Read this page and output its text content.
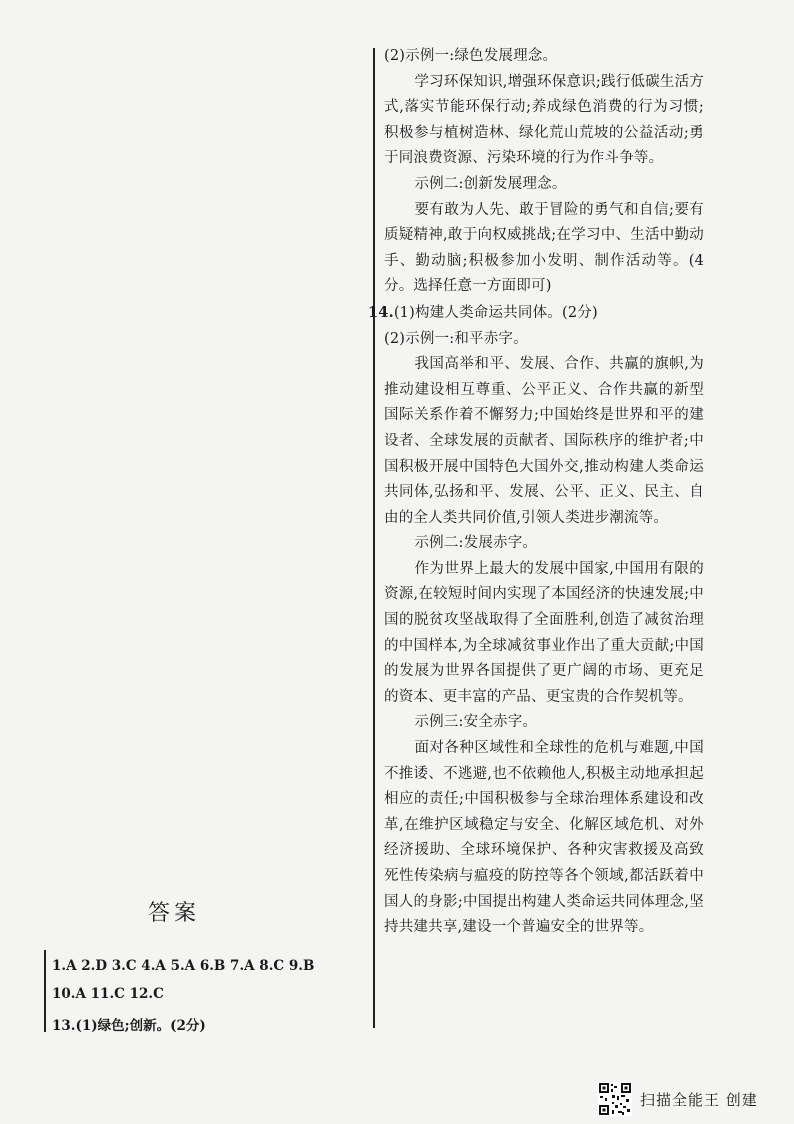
(2)示例一:绿色发展理念。

学习环保知识,增强环保意识;践行低碳生活方式,落实节能环保行动;养成绿色消费的行为习惯;积极参与植树造林、绿化荒山荒坡的公益活动;勇于同浪费资源、污染环境的行为作斗争等。

示例二:创新发展理念。

要有敢为人先、敢于冒险的勇气和自信;要有质疑精神,敢于向权威挑战;在学习中、生活中勤动手、勤动脑;积极参加小发明、制作活动等。(4分。选择任意一方面即可)

14.(1)构建人类命运共同体。(2分)

(2)示例一:和平赤字。

我国高举和平、发展、合作、共赢的旗帜,为推动建设相互尊重、公平正义、合作共赢的新型国际关系作着不懈努力;中国始终是世界和平的建设者、全球发展的贡献者、国际秩序的维护者;中国积极开展中国特色大国外交,推动构建人类命运共同体,弘扬和平、发展、公平、正义、民主、自由的全人类共同价值,引领人类进步潮流等。

示例二:发展赤字。

作为世界上最大的发展中国家,中国用有限的资源,在较短时间内实现了本国经济的快速发展;中国的脱贫攻坚战取得了全面胜利,创造了减贫治理的中国样本,为全球减贫事业作出了重大贡献;中国的发展为世界各国提供了更广阔的市场、更充足的资本、更丰富的产品、更宝贵的合作契机等。

示例三:安全赤字。

面对各种区域性和全球性的危机与难题,中国不推诿、不逃避,也不依赖他人,积极主动地承担起相应的责任;中国积极参与全球治理体系建设和改革,在维护区域稳定与安全、化解区域危机、对外经济援助、全球环境保护、各种灾害救援及高致死性传染病与瘟疫的防控等各个领域,都活跃着中国人的身影;中国提出构建人类命运共同体理念,坚持共建共享,建设一个普遍安全的世界等。

答案
1.A 2.D 3.C 4.A 5.A 6.B 7.A 8.C 9.B
10.A 11.C 12.C
13.(1)绿色;创新。(2分)
扫描全能王 创建
